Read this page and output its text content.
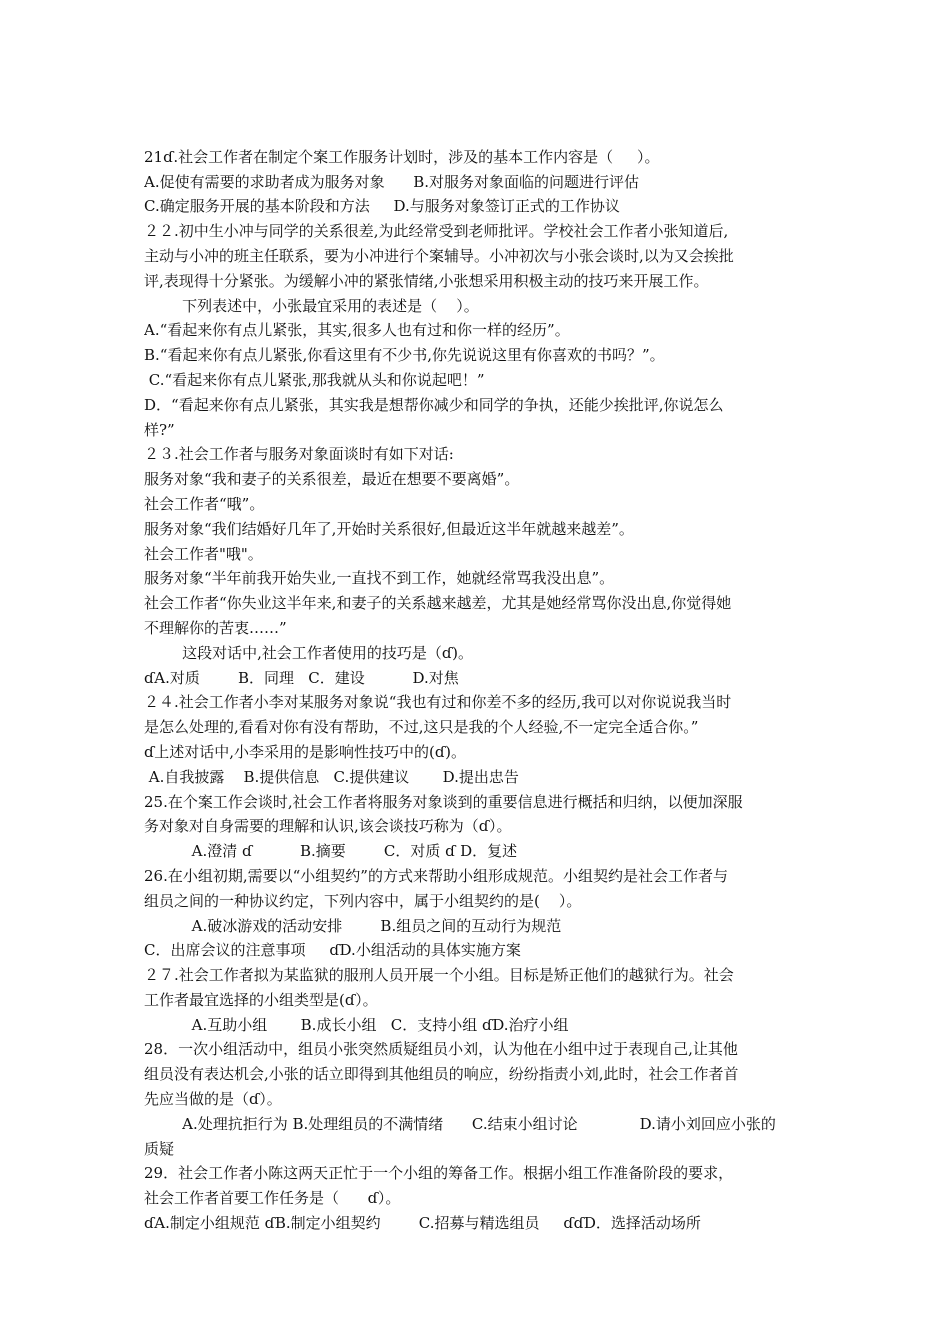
21ɗ.社会工作者在制定个案工作服务计划时，涉及的基本工作内容是（     ）。
A.促使有需要的求助者成为服务对象      B.对服务对象面临的问题进行评估
C.确定服务开展的基本阶段和方法     D.与服务对象签订正式的工作协议
２２.初中生小冲与同学的关系很差,为此经常受到老师批评。学校社会工作者小张知道后,
主动与小冲的班主任联系，要为小冲进行个案辅导。小冲初次与小张会谈时,以为又会挨批
评,表现得十分紧张。为缓解小冲的紧张情绪,小张想采用积极主动的技巧来开展工作。
下列表述中，小张最宜采用的表述是（    ）。
A.“看起来你有点儿紧张，其实,很多人也有过和你一样的经历”。
B.“看起来你有点儿紧张,你看这里有不少书,你先说说这里有你喜欢的书吗？”。
C.“看起来你有点儿紧张,那我就从头和你说起吧！”
D．“看起来你有点儿紧张，其实我是想帮你减少和同学的争执，还能少挨批评,你说怎么
样?”
２３.社会工作者与服务对象面谈时有如下对话:
服务对象“我和妻子的关系很差，最近在想要不要离婚”。
社会工作者“哦”。
服务对象“我们结婚好几年了,开始时关系很好,但最近这半年就越来越差”。
社会工作者"哦"。
服务对象“半年前我开始失业,一直找不到工作，她就经常骂我没出息”。
社会工作者“你失业这半年来,和妻子的关系越来越差，尤其是她经常骂你没出息,你觉得她
不理解你的苦衷……”
这段对话中,社会工作者使用的技巧是（ɗ)。
ɗA.对质        B．同理   C．建设          D.对焦
２４.社会工作者小李对某服务对象说“我也有过和你差不多的经历,我可以对你说说我当时
是怎么处理的,看看对你有没有帮助，不过,这只是我的个人经验,不一定完全适合你。”
ɗ上述对话中,小李采用的是影响性技巧中的(ɗ)。
A.自我披露    B.提供信息   C.提供建议       D.提出忠告
25.在个案工作会谈时,社会工作者将服务对象谈到的重要信息进行概括和归纳，以便加深服
务对象对自身需要的理解和认识,该会谈技巧称为（ɗ）。
A.澄清 ɗ          B.摘要        C．对质 ɗ D．复述
26.在小组初期,需要以“小组契约”的方式来帮助小组形成规范。小组契约是社会工作者与
组员之间的一种协议约定，下列内容中，属于小组契约的是(    ）。
A.破冰游戏的活动安排        B.组员之间的互动行为规范
C．出席会议的注意事项     ɗD.小组活动的具体实施方案
２７.社会工作者拟为某监狱的服刑人员开展一个小组。目标是矫正他们的越狱行为。社会
工作者最宜选择的小组类型是(ɗ）。
A.互助小组       B.成长小组   C．支持小组 ɗD.治疗小组
28．一次小组活动中，组员小张突然质疑组员小刘，认为他在小组中过于表现自己,让其他
组员没有表达机会,小张的话立即得到其他组员的响应，纷纷指责小刘,此时，社会工作者首
先应当做的是（ɗ）。
A.处理抗拒行为 B.处理组员的不满情绪      C.结束小组讨论             D.请小刘回应小张的
质疑
29．社会工作者小陈这两天正忙于一个小组的筹备工作。根据小组工作准备阶段的要求，
社会工作者首要工作任务是（      ɗ）。
ɗA.制定小组规范 ɗB.制定小组契约        C.招募与精选组员     ɗɗD．选择活动场所
